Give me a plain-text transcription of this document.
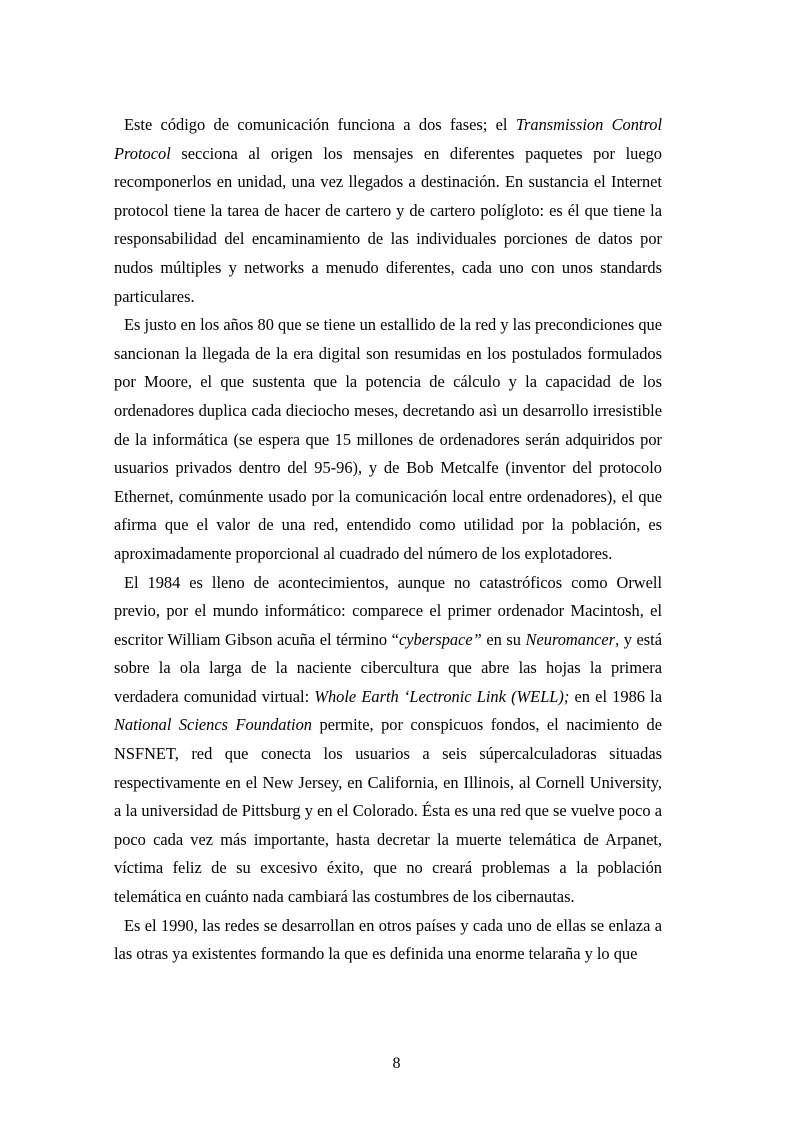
Este código de comunicación funciona a dos fases; el Transmission Control Protocol secciona al origen los mensajes en diferentes paquetes por luego recomponerlos en unidad, una vez llegados a destinación. En sustancia el Internet protocol tiene la tarea de hacer de cartero y de cartero polígloto: es él que tiene la responsabilidad del encaminamiento de las individuales porciones de datos por nudos múltiples y networks a menudo diferentes, cada uno con unos standards particulares.

Es justo en los años 80 que se tiene un estallido de la red y las precondiciones que sancionan la llegada de la era digital son resumidas en los postulados formulados por Moore, el que sustenta que la potencia de cálculo y la capacidad de los ordenadores duplica cada dieciocho meses, decretando asì un desarrollo irresistible de la informática (se espera que 15 millones de ordenadores serán adquiridos por usuarios privados dentro del 95-96), y de Bob Metcalfe (inventor del protocolo Ethernet, comúnmente usado por la comunicación local entre ordenadores), el que afirma que el valor de una red, entendido como utilidad por la población, es aproximadamente proporcional al cuadrado del número de los explotadores.

El 1984 es lleno de acontecimientos, aunque no catastróficos como Orwell previo, por el mundo informático: comparece el primer ordenador Macintosh, el escritor William Gibson acuña el término “cyberspace” en su Neuromancer, y está sobre la ola larga de la naciente cibercultura que abre las hojas la primera verdadera comunidad virtual: Whole Earth ‘Lectronic Link (WELL); en el 1986 la National Sciencs Foundation permite, por conspicuos fondos, el nacimiento de NSFNET, red que conecta los usuarios a seis súpercalculadoras situadas respectivamente en el New Jersey, en California, en Illinois, al Cornell University, a la universidad de Pittsburg y en el Colorado. Ésta es una red que se vuelve poco a poco cada vez más importante, hasta decretar la muerte telemática de Arpanet, víctima feliz de su excesivo éxito, que no creará problemas a la población telemática en cuánto nada cambiará las costumbres de los cibernautas.

Es el 1990, las redes se desarrollan en otros países y cada uno de ellas se enlaza a las otras ya existentes formando la que es definida una enorme telaraña y lo que

8
